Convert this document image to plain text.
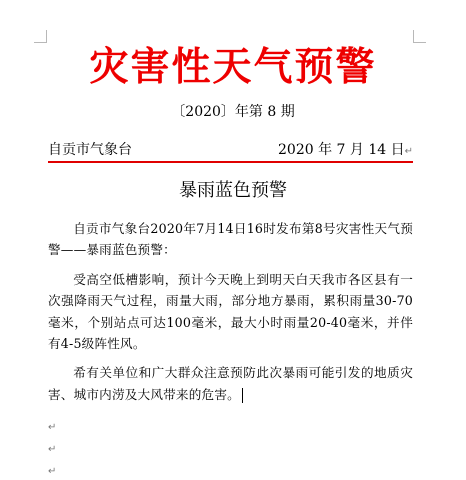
灾害性天气预警
〔2020〕年第 8 期
自贡市气象台	2020 年 7 月 14 日↵
暴雨蓝色预警

自贡市气象台2020年7月14日16时发布第8号灾害性天气预警——暴雨蓝色预警：

受高空低槽影响，预计今天晚上到明天白天我市各区县有一次强降雨天气过程，雨量大雨，部分地方暴雨，累积雨量30-70毫米，个别站点可达100毫米，最大小时雨量20-40毫米，并伴有4-5级阵性风。

希有关单位和广大群众注意预防此次暴雨可能引发的地质灾害、城市内涝及大风带来的危害。

↵
↵
↵
